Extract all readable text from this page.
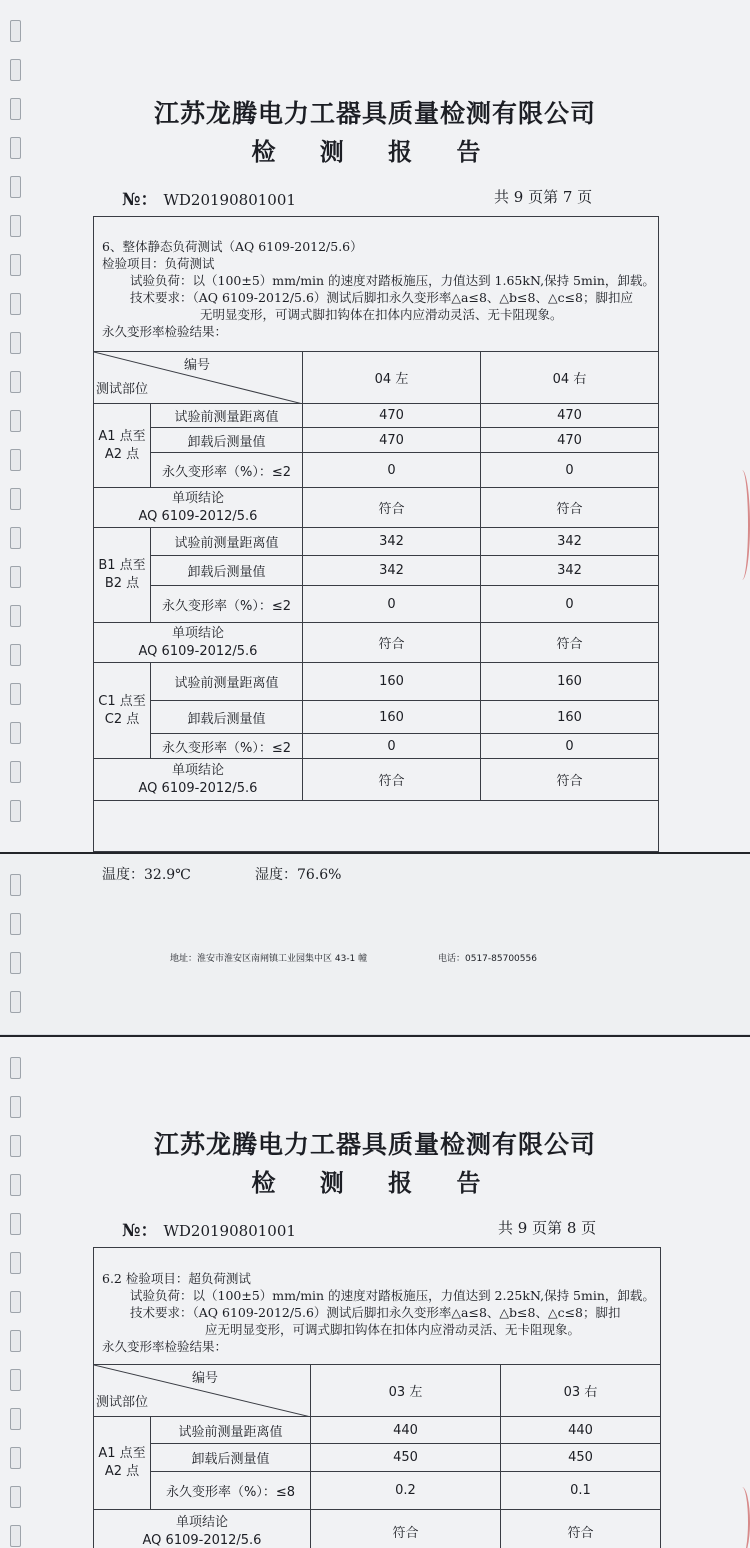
江苏龙腾电力工器具质量检测有限公司
检 测 报 告
№： WD20190801001	共 9 页第 7 页
6、整体静态负荷测试（AQ 6109-2012/5.6）
检验项目：负荷测试
试验负荷：以（100±5）mm/min 的速度对踏板施压，力值达到 1.65kN,保持 5min，卸载。
技术要求：（AQ 6109-2012/5.6）测试后脚扣永久变形率△a≤8、△b≤8、△c≤8；脚扣应
无明显变形，可调式脚扣钩体在扣体内应滑动灵活、无卡阻现象。
永久变形率检验结果：
编号
测试部位		04 左	04 右
A1 点至
A2 点	试验前测量距离值	470	470
	卸载后测量值	470	470
	永久变形率（%）：≤2	0	0
单项结论
AQ 6109-2012/5.6		符合	符合
B1 点至
B2 点	试验前测量距离值	342	342
	卸载后测量值	342	342
	永久变形率（%）：≤2	0	0
单项结论
AQ 6109-2012/5.6		符合	符合
C1 点至
C2 点	试验前测量距离值	160	160
	卸载后测量值	160	160
	永久变形率（%）：≤2	0	0
单项结论
AQ 6109-2012/5.6		符合	符合
温度：32.9℃	湿度：76.6%
地址：淮安市淮安区南闸镇工业园集中区 43-1 幢	电话：0517-85700556
江苏龙腾电力工器具质量检测有限公司
检 测 报 告
№： WD20190801001	共 9 页第 8 页
6.2 检验项目：超负荷测试
试验负荷：以（100±5）mm/min 的速度对踏板施压，力值达到 2.25kN,保持 5min，卸载。
技术要求：（AQ 6109-2012/5.6）测试后脚扣永久变形率△a≤8、△b≤8、△c≤8；脚扣
应无明显变形，可调式脚扣钩体在扣体内应滑动灵活、无卡阻现象。
永久变形率检验结果：
编号
测试部位		03 左	03 右
A1 点至
A2 点	试验前测量距离值	440	440
	卸载后测量值	450	450
	永久变形率（%）：≤8	0.2	0.1
单项结论
AQ 6109-2012/5.6		符合	符合
